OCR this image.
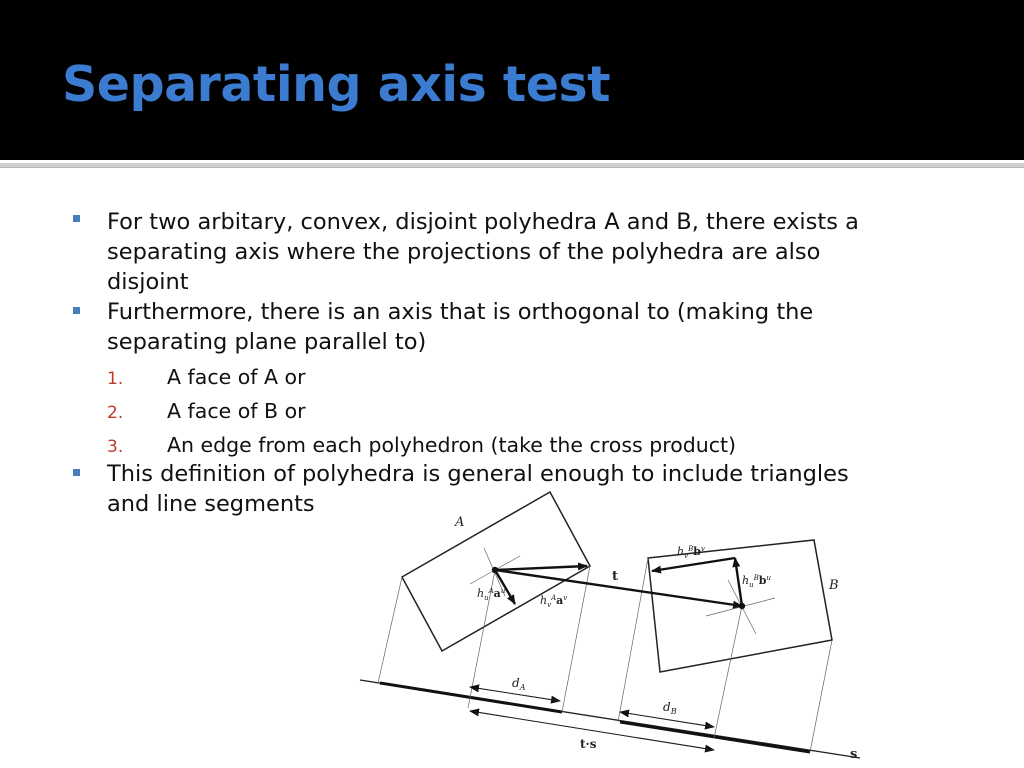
Separating axis test
For two arbitary, convex, disjoint polyhedra A and B, there exists a
separating axis where the projections of the polyhedra are also
disjoint
Furthermore, there is an axis that is orthogonal to (making the
separating plane parallel to)
1. A face of A or
2. A face of B or
3. An edge from each polyhedron (take the cross product)
This definition of polyhedra is general enough to include triangles
and line segments
A
B
t
s
t·s
$d_A$
$d_B$
$h_u^Aa^u$
$h_v^Aa^v$
$h_v^Bb^v$
$h_u^Bb^u$
